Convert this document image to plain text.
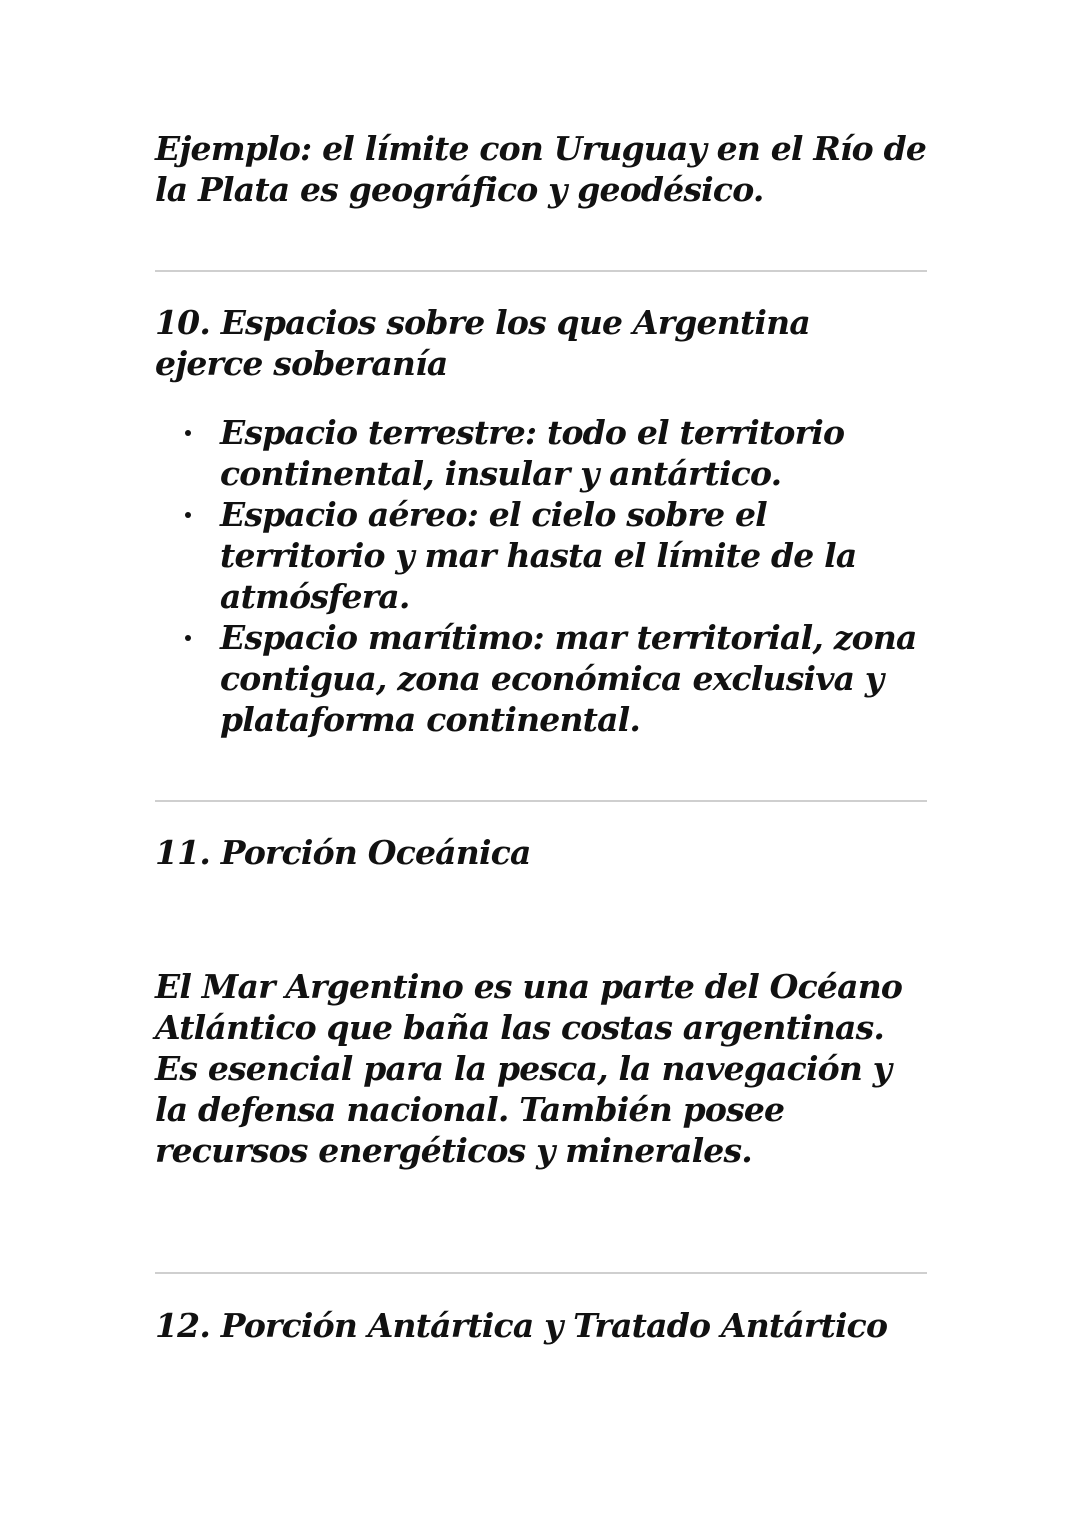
Ejemplo: el límite con Uruguay en el Río de la Plata es geográfico y geodésico.

10. Espacios sobre los que Argentina ejerce soberanía
Espacio terrestre: todo el territorio continental, insular y antártico.
Espacio aéreo: el cielo sobre el territorio y mar hasta el límite de la atmósfera.
Espacio marítimo: mar territorial, zona contigua, zona económica exclusiva y plataforma continental.
11. Porción Oceánica

El Mar Argentino es una parte del Océano Atlántico que baña las costas argentinas. Es esencial para la pesca, la navegación y la defensa nacional. También posee recursos energéticos y minerales.

12. Porción Antártica y Tratado Antártico
